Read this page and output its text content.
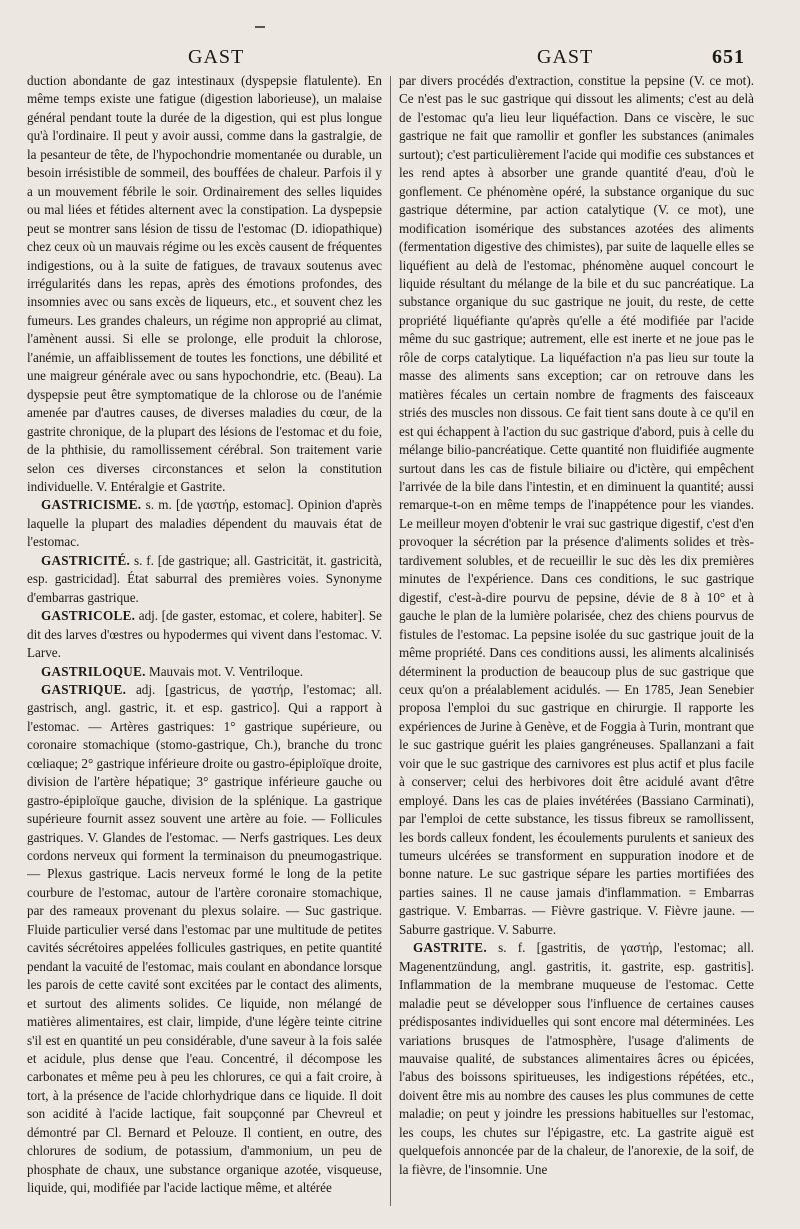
GAST	GAST	651

duction abondante de gaz intestinaux (dyspepsie flatulente). En même temps existe une fatigue (digestion laborieuse), un malaise général pendant toute la durée de la digestion, qui est plus longue qu'à l'ordinaire. Il peut y avoir aussi, comme dans la gastralgie, de la pesanteur de tête, de l'hypochondrie momentanée ou durable, un besoin irrésistible de sommeil, des bouffées de chaleur. Parfois il y a un mouvement fébrile le soir. Ordinairement des selles liquides ou mal liées et fétides alternent avec la constipation. La dyspepsie peut se montrer sans lésion de tissu de l'estomac (D. idiopathique) chez ceux où un mauvais régime ou les excès causent de fréquentes indigestions, ou à la suite de fatigues, de travaux soutenus avec irrégularités dans les repas, après des émotions profondes, des insomnies avec ou sans excès de liqueurs, etc., et souvent chez les fumeurs. Les grandes chaleurs, un régime non approprié au climat, l'amènent aussi. Si elle se prolonge, elle produit la chlorose, l'anémie, un affaiblissement de toutes les fonctions, une débilité et une maigreur générale avec ou sans hypochondrie, etc. (Beau). La dyspepsie peut être symptomatique de la chlorose ou de l'anémie amenée par d'autres causes, de diverses maladies du cœur, de la gastrite chronique, de la plupart des lésions de l'estomac et du foie, de la phthisie, du ramollissement cérébral. Son traitement varie selon ces diverses circonstances et selon la constitution individuelle. V. Entéralgie et Gastrite.

GASTRICISME. s. m. [de γαστήρ, estomac]. Opinion d'après laquelle la plupart des maladies dépendent du mauvais état de l'estomac.

GASTRICITÉ. s. f. [de gastrique; all. Gastricität, it. gastricità, esp. gastricidad]. État saburral des premières voies. Synonyme d'embarras gastrique.

GASTRICOLE. adj. [de gaster, estomac, et colere, habiter]. Se dit des larves d'œstres ou hypodermes qui vivent dans l'estomac. V. Larve.

GASTRILOQUE. Mauvais mot. V. Ventriloque.

GASTRIQUE. adj. [gastricus, de γαστήρ, l'estomac; all. gastrisch, angl. gastric, it. et esp. gastrico]. Qui a rapport à l'estomac. — Artères gastriques: 1° gastrique supérieure, ou coronaire stomachique (stomo-gastrique, Ch.), branche du tronc cœliaque; 2° gastrique inférieure droite ou gastro-épiploïque droite, division de l'artère hépatique; 3° gastrique inférieure gauche ou gastro-épiploïque gauche, division de la splénique. La gastrique supérieure fournit assez souvent une artère au foie. — Follicules gastriques. V. Glandes de l'estomac. — Nerfs gastriques. Les deux cordons nerveux qui forment la terminaison du pneumogastrique. — Plexus gastrique. Lacis nerveux formé le long de la petite courbure de l'estomac, autour de l'artère coronaire stomachique, par des rameaux provenant du plexus solaire. — Suc gastrique. Fluide particulier versé dans l'estomac par une multitude de petites cavités sécrétoires appelées follicules gastriques, en petite quantité pendant la vacuité de l'estomac, mais coulant en abondance lorsque les parois de cette cavité sont excitées par le contact des aliments, et surtout des aliments solides. Ce liquide, non mélangé de matières alimentaires, est clair, limpide, d'une légère teinte citrine s'il est en quantité un peu considérable, d'une saveur à la fois salée et acidule, plus dense que l'eau. Concentré, il décompose les carbonates et même peu à peu les chlorures, ce qui a fait croire, à tort, à la présence de l'acide chlorhydrique dans ce liquide. Il doit son acidité à l'acide lactique, fait soupçonné par Chevreul et démontré par Cl. Bernard et Pelouze. Il contient, en outre, des chlorures de sodium, de potassium, d'ammonium, un peu de phosphate de chaux, une substance organique azotée, visqueuse, liquide, qui, modifiée par l'acide lactique même, et altérée

par divers procédés d'extraction, constitue la pepsine (V. ce mot). Ce n'est pas le suc gastrique qui dissout les aliments; c'est au delà de l'estomac qu'a lieu leur liquéfaction. Dans ce viscère, le suc gastrique ne fait que ramollir et gonfler les substances (animales surtout); c'est particulièrement l'acide qui modifie ces substances et les rend aptes à absorber une grande quantité d'eau, d'où le gonflement. Ce phénomène opéré, la substance organique du suc gastrique détermine, par action catalytique (V. ce mot), une modification isomérique des substances azotées des aliments (fermentation digestive des chimistes), par suite de laquelle elles se liquéfient au delà de l'estomac, phénomène auquel concourt le liquide résultant du mélange de la bile et du suc pancréatique. La substance organique du suc gastrique ne jouit, du reste, de cette propriété liquéfiante qu'après qu'elle a été modifiée par l'acide même du suc gastrique; autrement, elle est inerte et ne joue pas le rôle de corps catalytique. La liquéfaction n'a pas lieu sur toute la masse des aliments sans exception; car on retrouve dans les matières fécales un certain nombre de fragments des faisceaux striés des muscles non dissous. Ce fait tient sans doute à ce qu'il en est qui échappent à l'action du suc gastrique d'abord, puis à celle du mélange bilio-pancréatique. Cette quantité non fluidifiée augmente surtout dans les cas de fistule biliaire ou d'ictère, qui empêchent l'arrivée de la bile dans l'intestin, et en diminuent la quantité; aussi remarque-t-on en même temps de l'inappétence pour les viandes. Le meilleur moyen d'obtenir le vrai suc gastrique digestif, c'est d'en provoquer la sécrétion par la présence d'aliments solides et très-tardivement solubles, et de recueillir le suc dès les dix premières minutes de l'expérience. Dans ces conditions, le suc gastrique digestif, c'est-à-dire pourvu de pepsine, dévie de 8 à 10° et à gauche le plan de la lumière polarisée, chez des chiens pourvus de fistules de l'estomac. La pepsine isolée du suc gastrique jouit de la même propriété. Dans ces conditions aussi, les aliments alcalinisés déterminent la production de beaucoup plus de suc gastrique que ceux qu'on a préalablement acidulés. — En 1785, Jean Senebier proposa l'emploi du suc gastrique en chirurgie. Il rapporte les expériences de Jurine à Genève, et de Foggia à Turin, montrant que le suc gastrique guérit les plaies gangréneuses. Spallanzani a fait voir que le suc gastrique des carnivores est plus actif et plus facile à conserver; celui des herbivores doit être acidulé avant d'être employé. Dans les cas de plaies invétérées (Bassiano Carminati), par l'emploi de cette substance, les tissus fibreux se ramollissent, les bords calleux fondent, les écoulements purulents et sanieux des tumeurs ulcérées se transforment en suppuration inodore et de bonne nature. Le suc gastrique sépare les parties mortifiées des parties saines. Il ne cause jamais d'inflammation. = Embarras gastrique. V. Embarras. — Fièvre gastrique. V. Fièvre jaune. — Saburre gastrique. V. Saburre.

GASTRITE. s. f. [gastritis, de γαστήρ, l'estomac; all. Magenentzündung, angl. gastritis, it. gastrite, esp. gastritis]. Inflammation de la membrane muqueuse de l'estomac. Cette maladie peut se développer sous l'influence de certaines causes prédisposantes individuelles qui sont encore mal déterminées. Les variations brusques de l'atmosphère, l'usage d'aliments de mauvaise qualité, de substances alimentaires âcres ou épicées, l'abus des boissons spiritueuses, les indigestions répétées, etc., doivent être mis au nombre des causes les plus communes de cette maladie; on peut y joindre les pressions habituelles sur l'estomac, les coups, les chutes sur l'épigastre, etc. La gastrite aiguë est quelquefois annoncée par de la chaleur, de l'anorexie, de la soif, de la fièvre, de l'insomnie. Une
